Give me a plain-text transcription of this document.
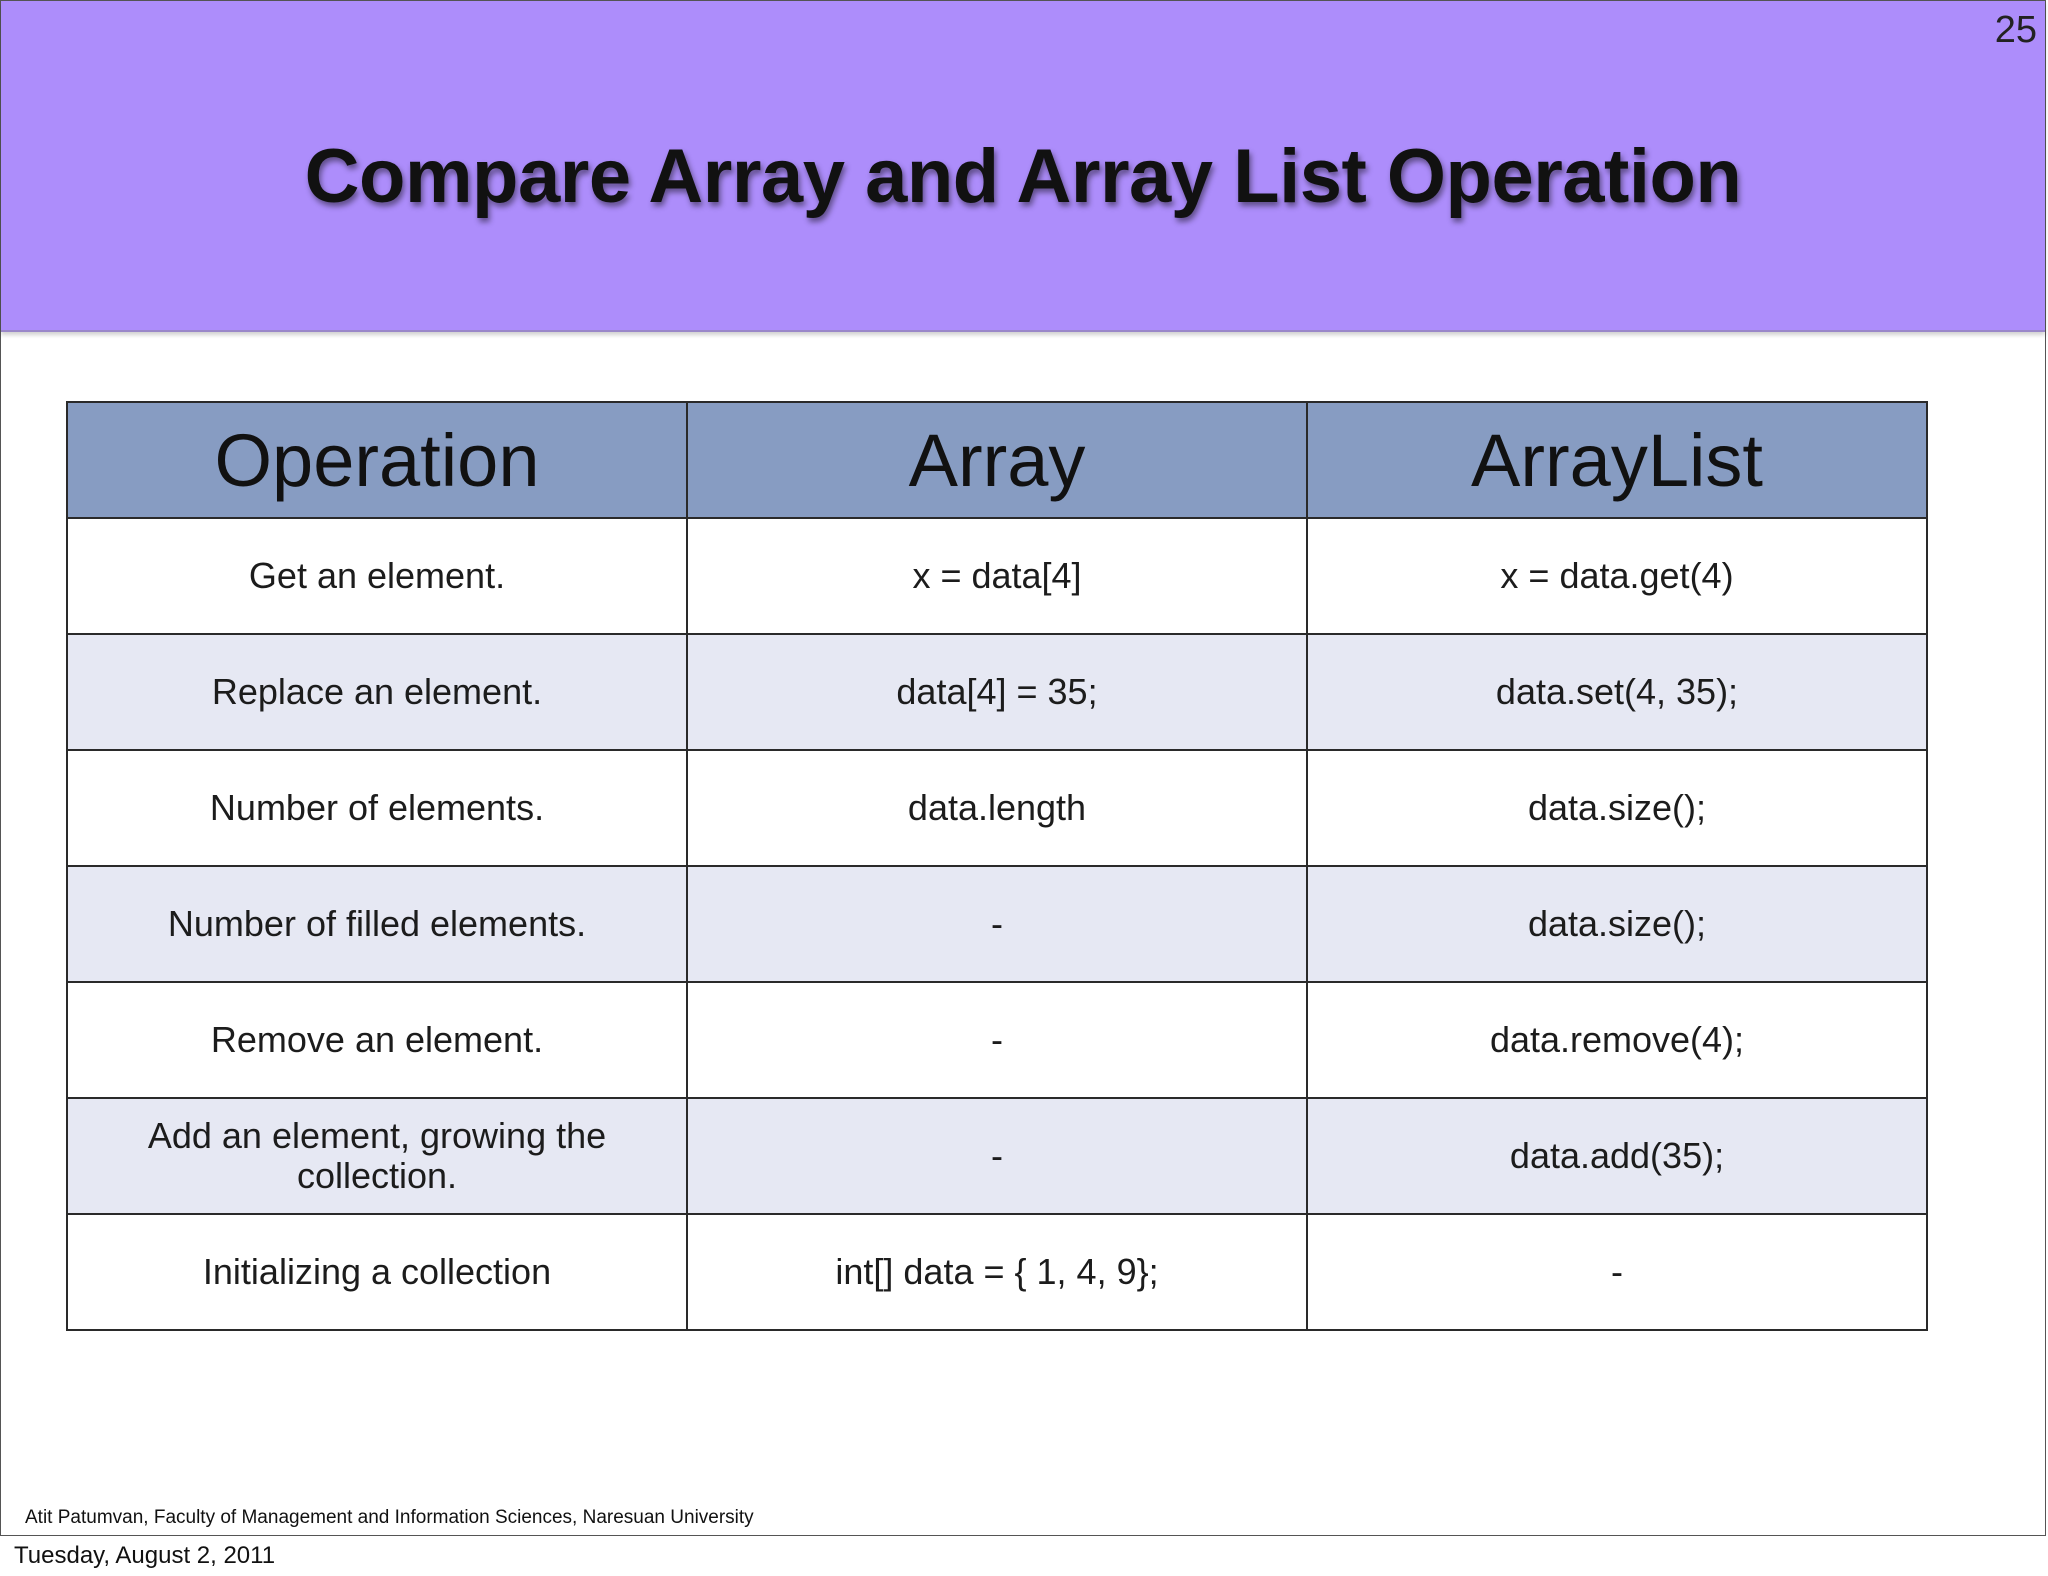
25
Compare Array and Array List Operation
Operation	Array	ArrayList
Get an element.	x = data[4]	x = data.get(4)
Replace an element.	data[4] = 35;	data.set(4, 35);
Number of elements.	data.length	data.size();
Number of filled elements.	-	data.size();
Remove an element.	-	data.remove(4);
Add an element, growing the collection.	-	data.add(35);
Initializing a collection	int[] data = { 1, 4, 9};	-
Atit Patumvan, Faculty of Management and Information Sciences, Naresuan University
Tuesday, August 2, 2011
